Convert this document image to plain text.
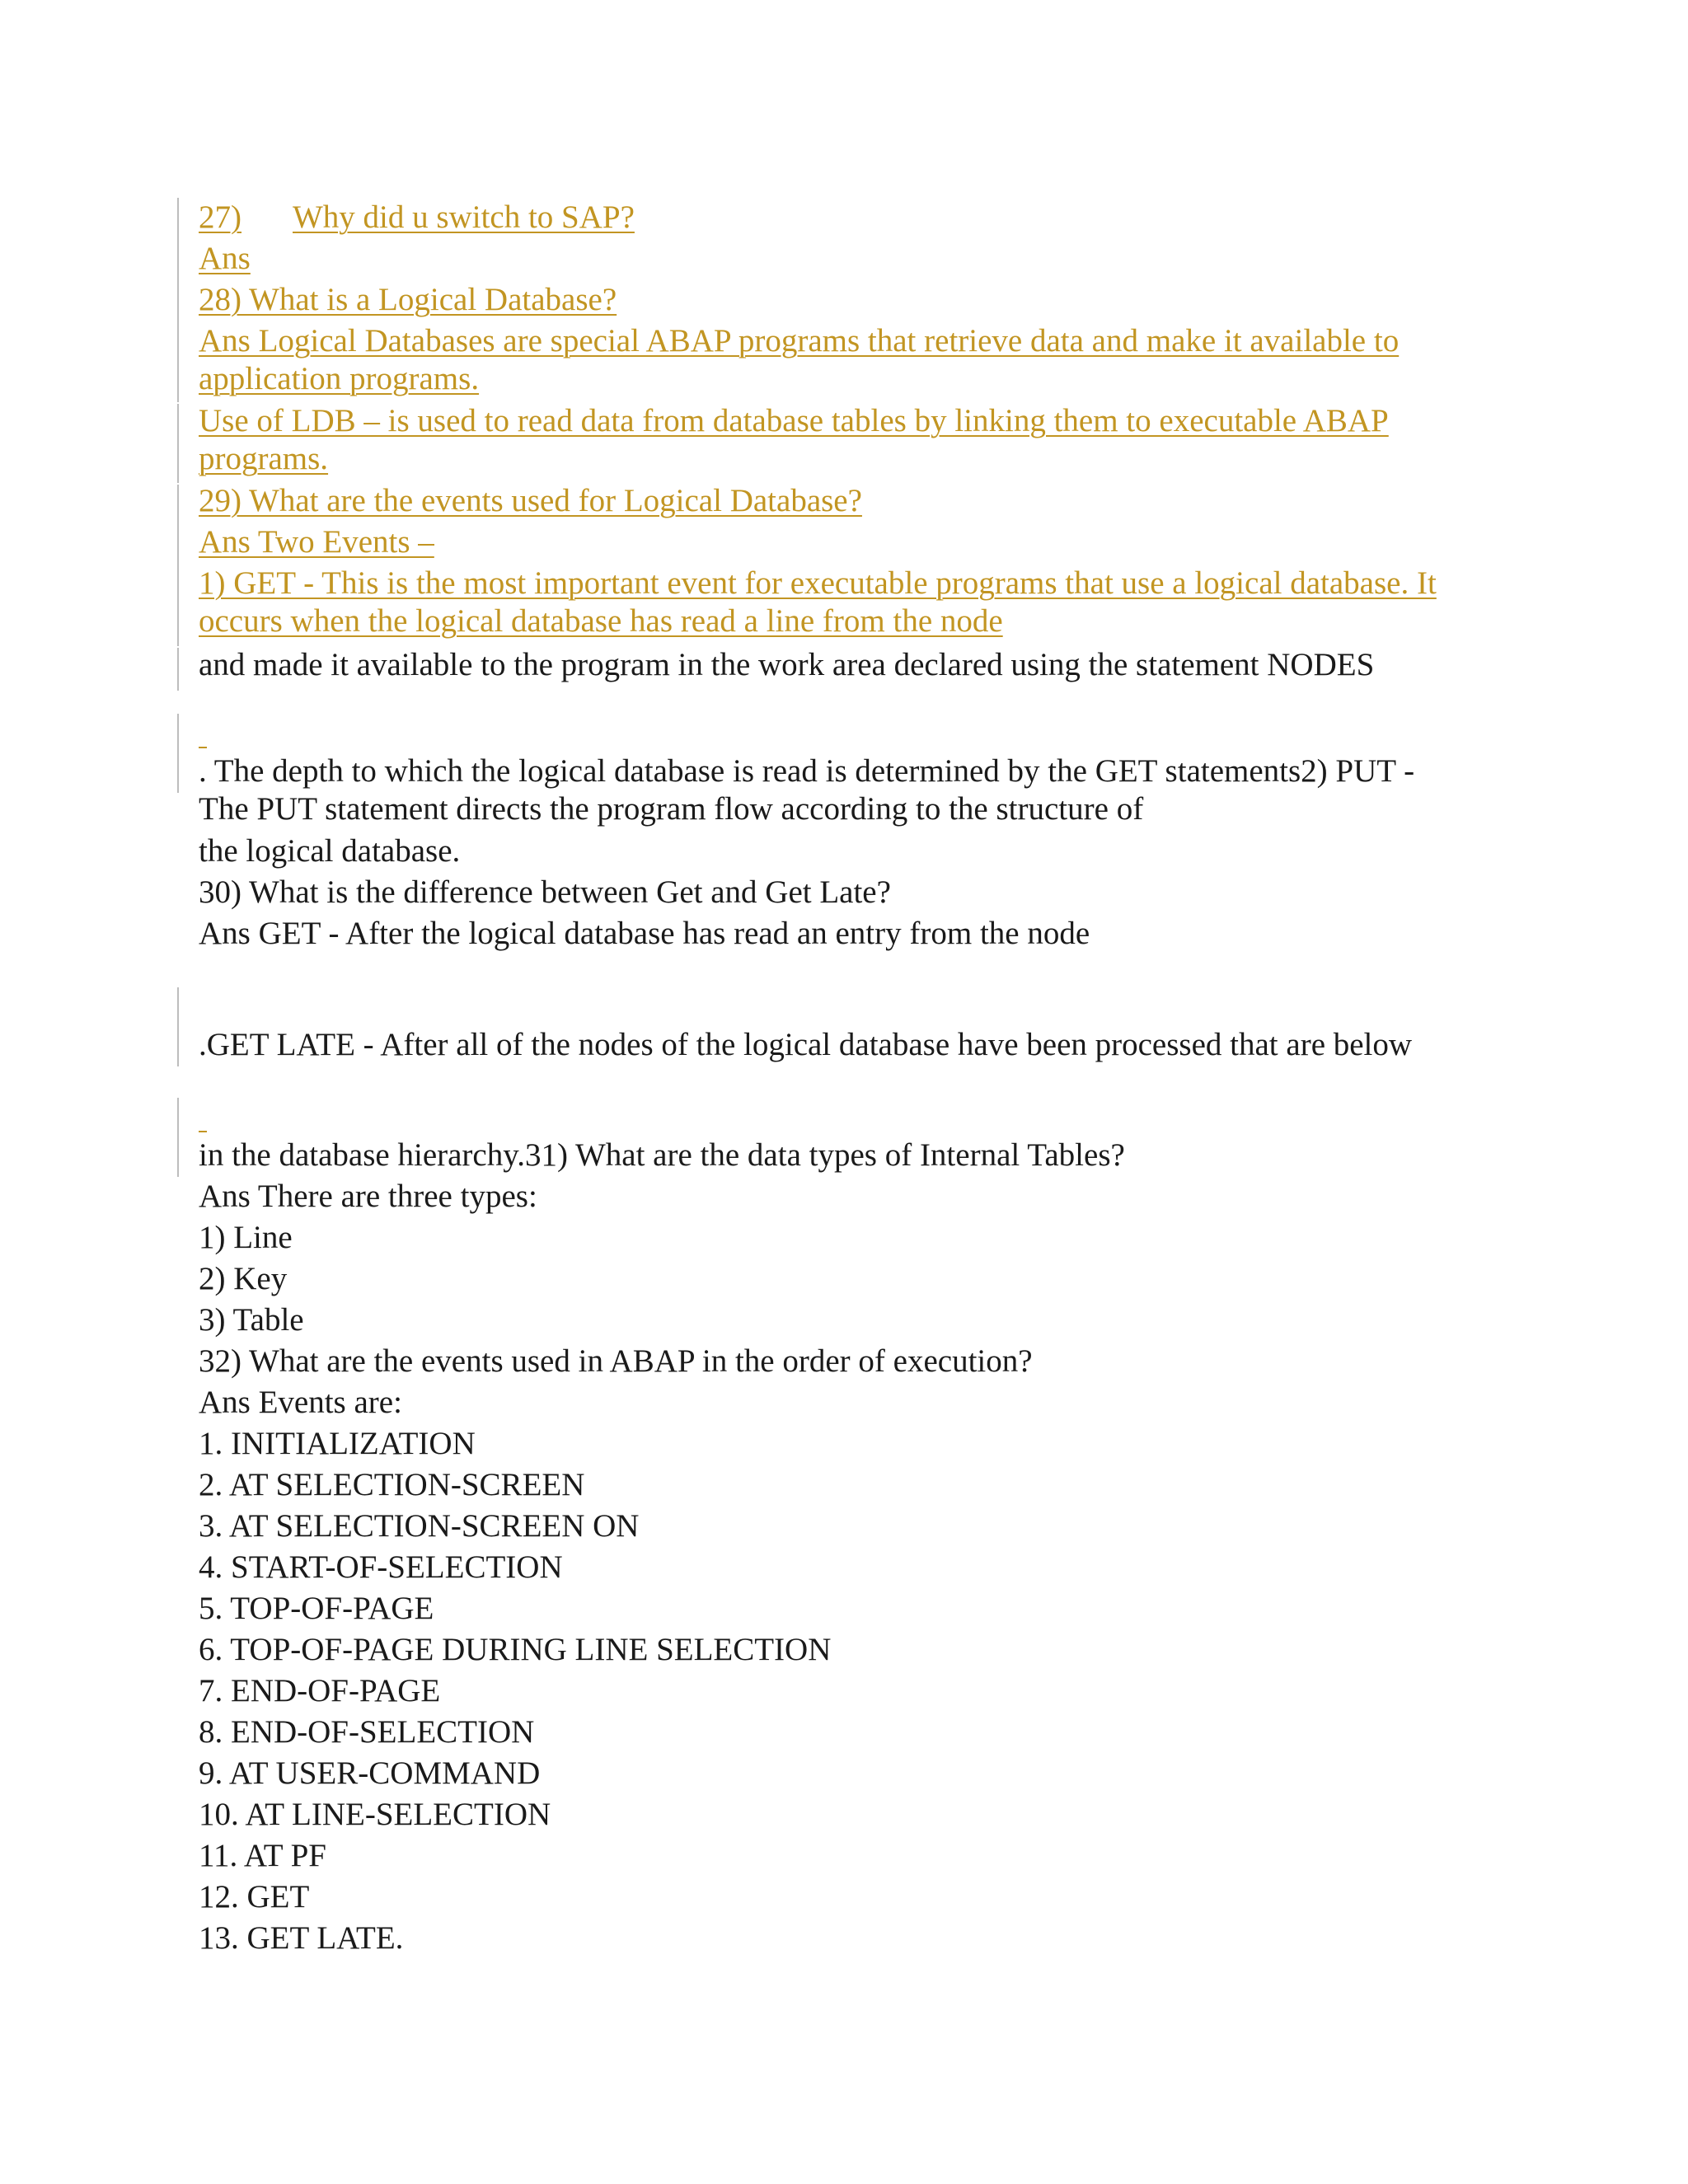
27) Why did u switch to SAP?

Ans

28) What is a Logical Database?

Ans Logical Databases are special ABAP programs that retrieve data and make it available to

application programs.

Use of LDB – is used to read data from database tables by linking them to executable ABAP

programs.

29) What are the events used for Logical Database?

Ans Two Events –

1) GET - This is the most important event for executable programs that use a logical database. It

occurs when the logical database has read a line from the node

and made it available to the program in the work area declared using the statement NODES

. The depth to which the logical database is read is determined by the GET statements2) PUT -

The PUT statement directs the program flow according to the structure of

the logical database.

30) What is the difference between Get and Get Late?

Ans GET - After the logical database has read an entry from the node

.GET LATE - After all of the nodes of the logical database have been processed that are below

in the database hierarchy.31) What are the data types of Internal Tables?

Ans There are three types:

1) Line

2) Key

3) Table

32) What are the events used in ABAP in the order of execution?

Ans Events are:

1. INITIALIZATION

2. AT SELECTION-SCREEN

3. AT SELECTION-SCREEN ON

4. START-OF-SELECTION

5. TOP-OF-PAGE

6. TOP-OF-PAGE DURING LINE SELECTION

7. END-OF-PAGE

8. END-OF-SELECTION

9. AT USER-COMMAND

10. AT LINE-SELECTION

11. AT PF

12. GET

13. GET LATE.
